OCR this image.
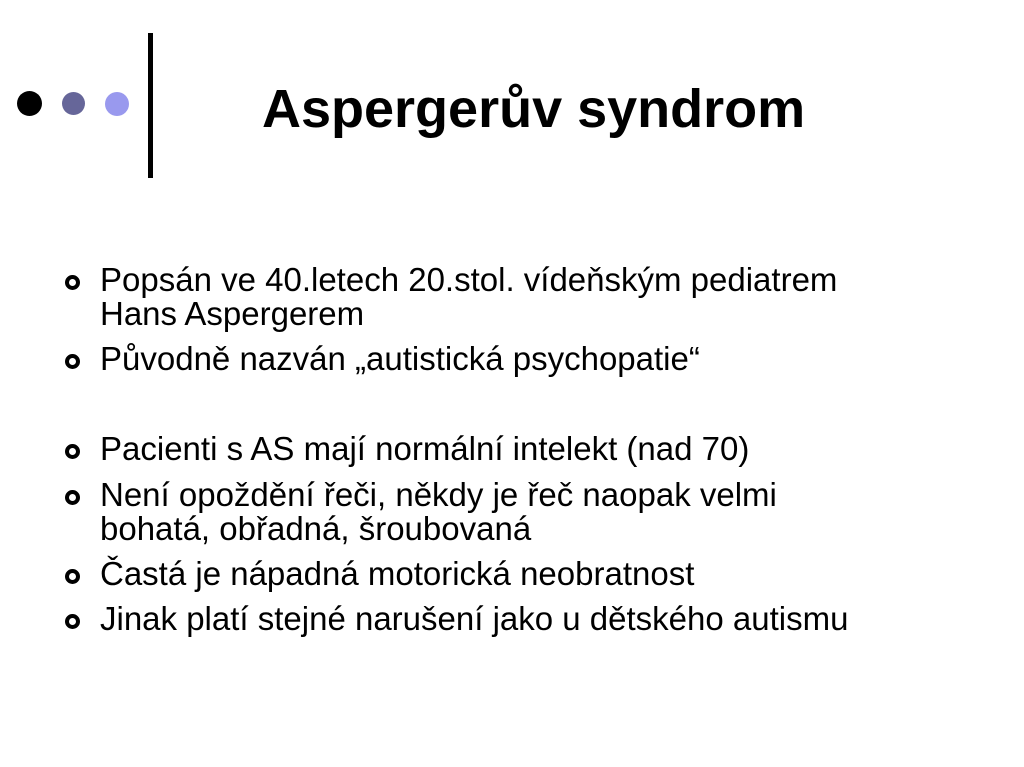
Aspergerův syndrom
Popsán ve 40.letech 20.stol. vídeňským pediatrem
Hans Aspergerem
Původně nazván „autistická psychopatie“
Pacienti s AS mají normální intelekt (nad 70)
Není opoždění řeči, někdy je řeč naopak velmi
bohatá, obřadná, šroubovaná
Častá je nápadná motorická neobratnost
Jinak platí stejné narušení jako u dětského autismu
